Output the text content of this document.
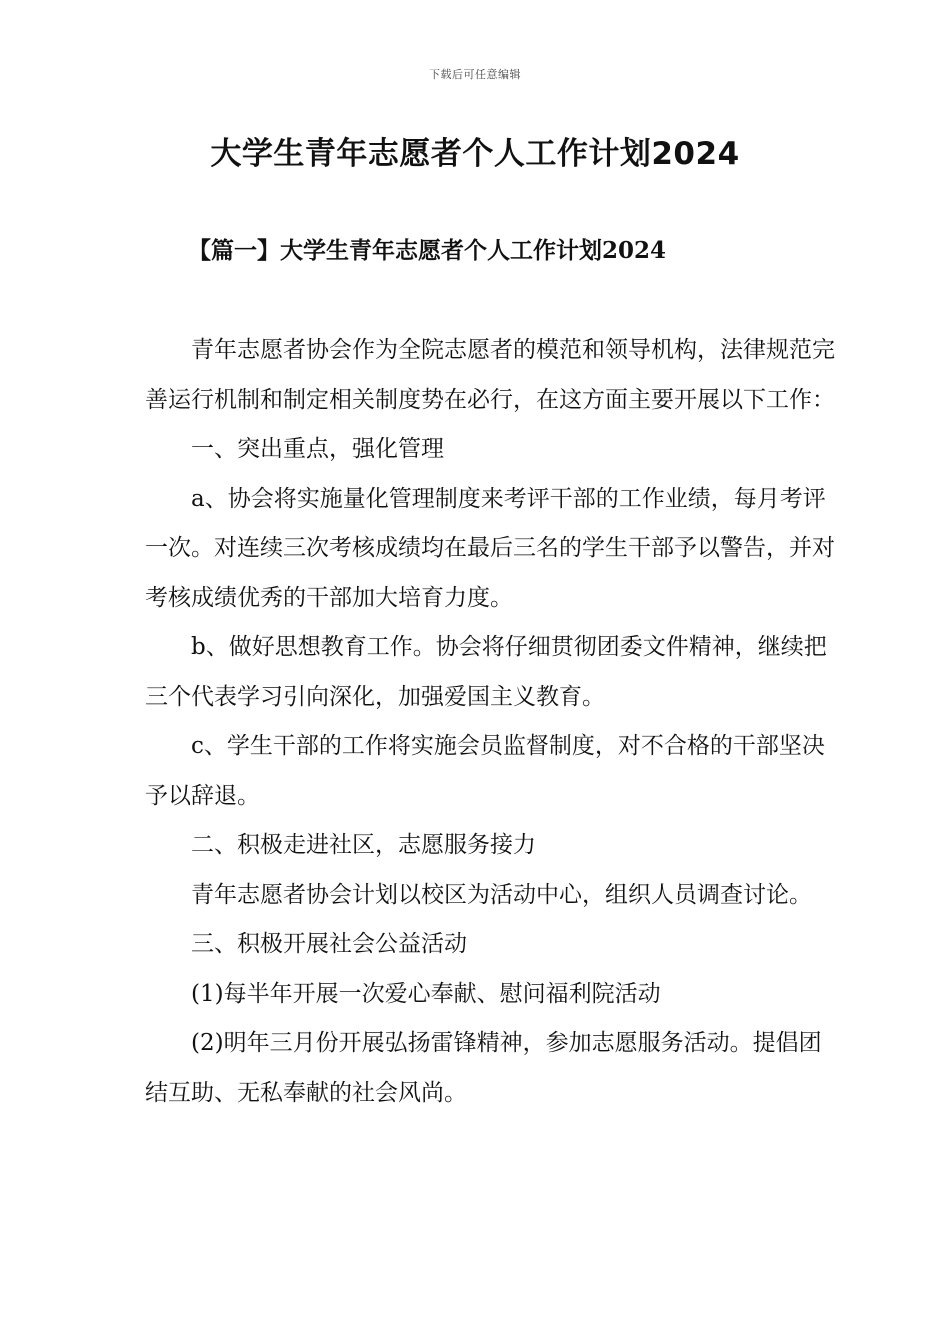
下载后可任意编辑
大学生青年志愿者个人工作计划2024
【篇一】大学生青年志愿者个人工作计划2024

青年志愿者协会作为全院志愿者的模范和领导机构，法律规范完善运行机制和制定相关制度势在必行，在这方面主要开展以下工作：

一、突出重点，强化管理

a、协会将实施量化管理制度来考评干部的工作业绩，每月考评一次。对连续三次考核成绩均在最后三名的学生干部予以警告，并对考核成绩优秀的干部加大培育力度。

b、做好思想教育工作。协会将仔细贯彻团委文件精神，继续把三个代表学习引向深化，加强爱国主义教育。

c、学生干部的工作将实施会员监督制度，对不合格的干部坚决予以辞退。

二、积极走进社区，志愿服务接力

青年志愿者协会计划以校区为活动中心，组织人员调查讨论。

三、积极开展社会公益活动

(1)每半年开展一次爱心奉献、慰问福利院活动

(2)明年三月份开展弘扬雷锋精神，参加志愿服务活动。提倡团结互助、无私奉献的社会风尚。
